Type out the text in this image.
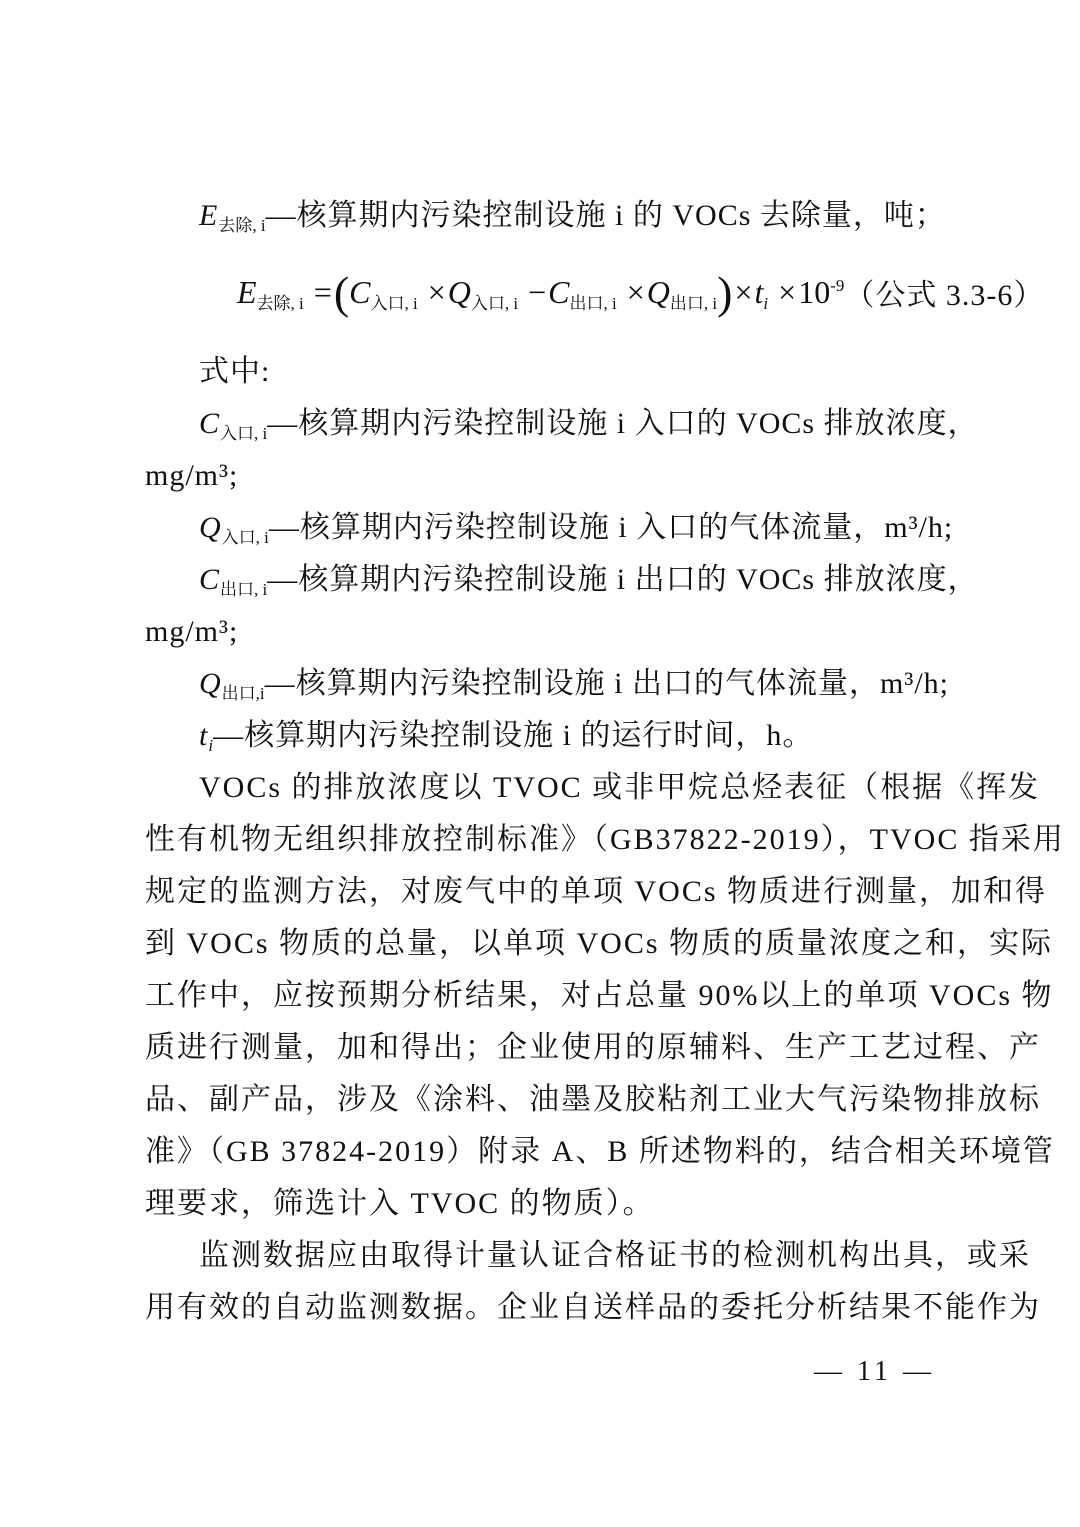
$E_{去除, i}—$核算期内污染控制设施 i 的 VOCs 去除量，吨；
$E_{去除, i} =(C_{入口, i} \times Q_{入口, i} -C_{出口, i} \times Q_{出口, i})\times t_i \times 10^{-9}$ （公式 3.3-6）
式中:
$C_{入口, i}—$核算期内污染控制设施 i 入口的 VOCs 排放浓度，
mg/m³;
$Q_{入口, i}—$核算期内污染控制设施 i 入口的气体流量，m³/h;
$C_{出口, i}—$核算期内污染控制设施 i 出口的 VOCs 排放浓度，
mg/m³;
$Q_{出口,i}—$核算期内污染控制设施 i 出口的气体流量，m³/h;
$t_i—$核算期内污染控制设施 i 的运行时间，h。
VOCs 的排放浓度以 TVOC 或非甲烷总烃表征（根据《挥发
性有机物无组织排放控制标准》（GB37822-2019），TVOC 指采用
规定的监测方法，对废气中的单项 VOCs 物质进行测量，加和得
到 VOCs 物质的总量，以单项 VOCs 物质的质量浓度之和，实际
工作中，应按预期分析结果，对占总量 90%以上的单项 VOCs 物
质进行测量，加和得出；企业使用的原辅料、生产工艺过程、产
品、副产品，涉及《涂料、油墨及胶粘剂工业大气污染物排放标
准》（GB 37824-2019）附录 A、B 所述物料的，结合相关环境管
理要求，筛选计入 TVOC 的物质）。
监测数据应由取得计量认证合格证书的检测机构出具，或采
用有效的自动监测数据。企业自送样品的委托分析结果不能作为
— 11 —
